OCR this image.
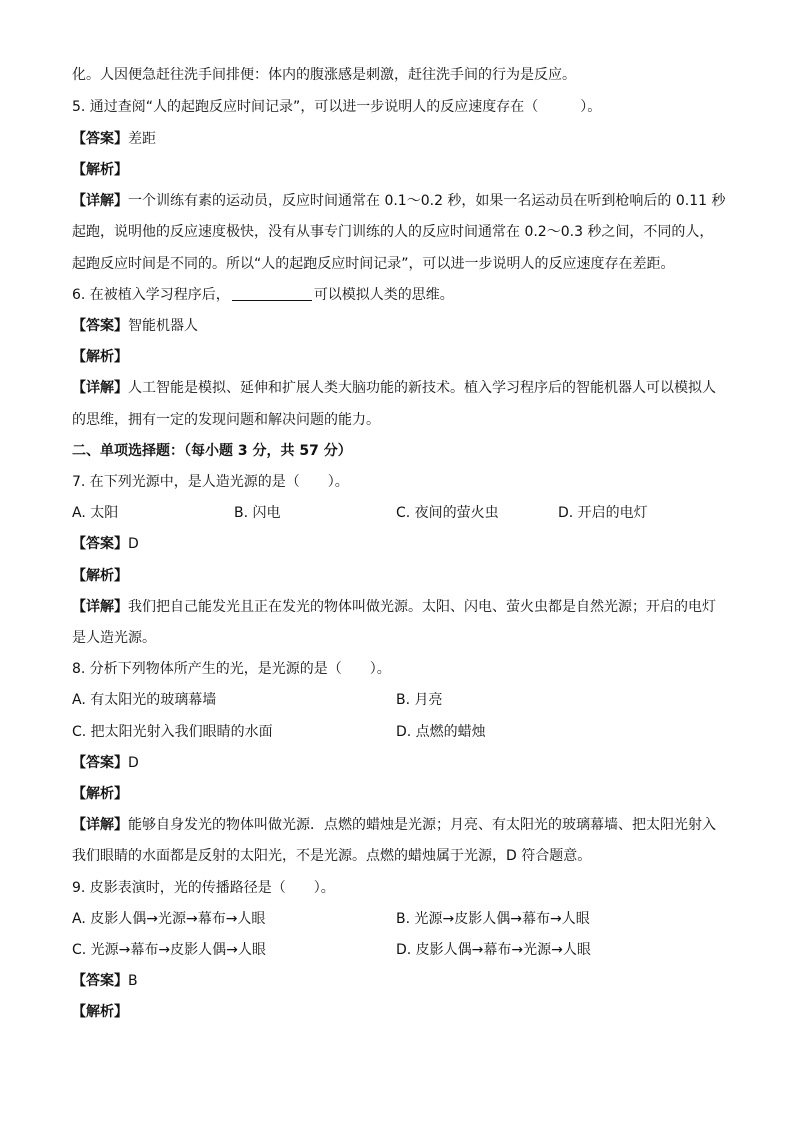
化。人因便急赶往洗手间排便：体内的腹涨感是刺激，赶往洗手间的行为是反应。
5. 通过查阅“人的起跑反应时间记录”，可以进一步说明人的反应速度存在（　　　）。
【答案】差距
【解析】
【详解】一个训练有素的运动员，反应时间通常在 0.1～0.2 秒，如果一名运动员在听到枪响后的 0.11 秒
起跑，说明他的反应速度极快，没有从事专门训练的人的反应时间通常在 0.2～0.3 秒之间，不同的人，
起跑反应时间是不同的。所以“人的起跑反应时间记录”，可以进一步说明人的反应速度存在差距。
6. 在被植入学习程序后，	可以模拟人类的思维。
【答案】智能机器人
【解析】
【详解】人工智能是模拟、延伸和扩展人类大脑功能的新技术。植入学习程序后的智能机器人可以模拟人
的思维，拥有一定的发现问题和解决问题的能力。
二、单项选择题：（每小题 3 分，共 57 分）
7. 在下列光源中，是人造光源的是（　　）。
A. 太阳	B. 闪电	C. 夜间的萤火虫	D. 开启的电灯
【答案】D
【解析】
【详解】我们把自己能发光且正在发光的物体叫做光源。太阳、闪电、萤火虫都是自然光源；开启的电灯
是人造光源。
8. 分析下列物体所产生的光，是光源的是（　　）。
A. 有太阳光的玻璃幕墙	B. 月亮
C. 把太阳光射入我们眼睛的水面	D. 点燃的蜡烛
【答案】D
【解析】
【详解】能够自身发光的物体叫做光源．点燃的蜡烛是光源；月亮、有太阳光的玻璃幕墙、把太阳光射入
我们眼睛的水面都是反射的太阳光，不是光源。点燃的蜡烛属于光源，D 符合题意。
9. 皮影表演时，光的传播路径是（　　）。
A. 皮影人偶→光源→幕布→人眼	B. 光源→皮影人偶→幕布→人眼
C. 光源→幕布→皮影人偶→人眼	D. 皮影人偶→幕布→光源→人眼
【答案】B
【解析】
